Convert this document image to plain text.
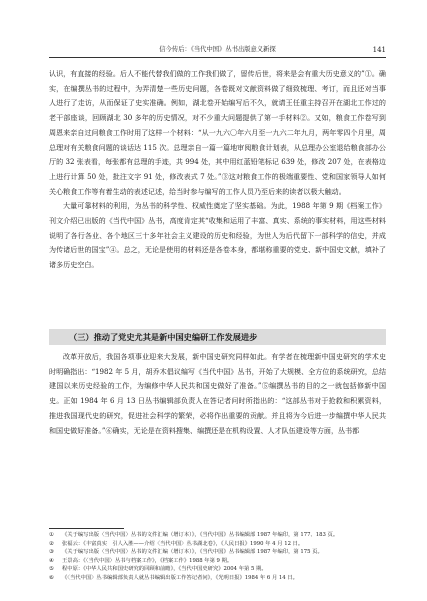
信今传后：《当代中国》丛书出版意义新探	141

认识，有直接的经验。后人不能代替我们做的工作我们做了，留传后世，将来是会有重大历史意义的”①。确实，在编撰丛书的过程中，为弄清楚一些历史问题，各卷既对文献资料做了细致梳理、考订，而且还对当事人进行了走访，从而保证了史实准确。例如，湖北卷开始编写后不久，就请王任重主持召开在湖北工作过的老干部座谈，回顾湖北 30 多年的历史情况，对不少重大问题提供了第一手材料②。又如，粮食工作卷写到周恩来亲自过问粮食工作时用了这样一个材料：“从一九六〇年六月至一九六二年九月，两年零四个月里，周总理对有关粮食问题的谈话达 115 次。总理亲自一篇一篇地审阅粮食计划表，从总理办公室退给粮食部办公厅的 32 张表看，每张都有总理的手迹，共 994 处，其中用红蓝铅笔标记 639 处，修改 207 处，在表格边上进行计算 50 处，批注文字 91 处，修改表式 7 处。”③这对粮食工作的极端重要性、党和国家领导人如何关心粮食工作等有着生动的表述记述，给当时参与编写的工作人员乃至后来的读者以极大触动。

大量可靠材料的利用，为丛书的科学性、权威性奠定了坚实基础。为此，1988 年第 9 期《档案工作》刊文介绍已出版的《当代中国》丛书，高度肯定其“收集和运用了丰富、真实、系统的事实材料，用这些材料说明了各行各业、各个地区三十多年社会主义建设的历史和经验，为世人为后代留下一部科学的信史，并成为传诸后世的国宝”④。总之，无论是使用的材料还是各卷本身，都堪称重要的党史、新中国史文献，填补了诸多历史空白。

（三）推动了党史尤其是新中国史编研工作发展进步

改革开放后，我国各项事业迎来大发展，新中国史研究同样如此。有学者在梳理新中国史研究的学术史时明确指出：“1982 年 5 月，胡乔木倡议编写《当代中国》丛书，开始了大规模、全方位的系统研究，总结建国以来历史经验的工作，为编修中华人民共和国史做好了准备。”⑤编撰丛书的目的之一就包括修新中国史。正如 1984 年 6 月 13 日丛书编辑部负责人在答记者问时所指出的：“这部丛书对于抢救和积累资料，推进我国现代史的研究，促进社会科学的繁荣，必将作出重要的贡献。并且将为今后进一步编撰中华人民共和国史做好准备。”⑥确实，无论是在资料搜集、编撰还是在机构设置、人才队伍建设等方面，丛书都

①	《关于编写出版〈当代中国〉丛书的文件汇编（增订本）》，《当代中国》丛书编辑部 1987 年编印，第 177、183 页。
②	张福云：《丰富真实　引人入胜——介绍〈当代中国〉丛书湖北卷》，《人民日报》1990 年 4 月 12 日。
③	《关于编写出版〈当代中国〉丛书的文件汇编（增订本）》，《当代中国》丛书编辑部 1987 年编印，第 175 页。
④	王景高：《〈当代中国〉丛书与档案工作》，《档案工作》1988 年第 9 期。
⑤	程中原：《中华人民共和国史研究的回顾和前瞻》，《当代中国史研究》2004 年第 5 期。
⑥	《〈当代中国〉丛书编辑部负责人就丛书编辑出版工作答记者问》，《光明日报》1984 年 6 月 14 日。
